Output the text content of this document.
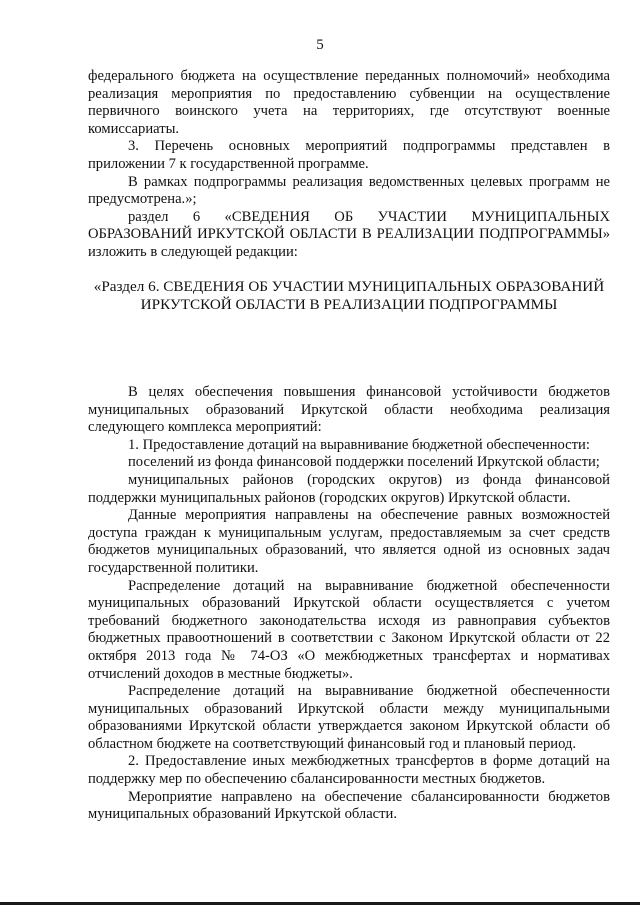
5

федерального бюджета на осуществление переданных полномочий» необходима реализация мероприятия по предоставлению субвенции на осуществление первичного воинского учета на территориях, где отсутствуют военные комиссариаты.

3. Перечень основных мероприятий подпрограммы представлен в приложении 7 к государственной программе.

В рамках подпрограммы реализация ведомственных целевых программ не предусмотрена.»;

раздел 6 «СВЕДЕНИЯ ОБ УЧАСТИИ МУНИЦИПАЛЬНЫХ ОБРАЗОВАНИЙ ИРКУТСКОЙ ОБЛАСТИ В РЕАЛИЗАЦИИ ПОДПРОГРАММЫ» изложить в следующей редакции:

«Раздел 6. СВЕДЕНИЯ ОБ УЧАСТИИ МУНИЦИПАЛЬНЫХ ОБРАЗОВАНИЙ ИРКУТСКОЙ ОБЛАСТИ В РЕАЛИЗАЦИИ ПОДПРОГРАММЫ

В целях обеспечения повышения финансовой устойчивости бюджетов муниципальных образований Иркутской области необходима реализация следующего комплекса мероприятий:

1. Предоставление дотаций на выравнивание бюджетной обеспеченности:

поселений из фонда финансовой поддержки поселений Иркутской области;

муниципальных районов (городских округов) из фонда финансовой поддержки муниципальных районов (городских округов) Иркутской области.

Данные мероприятия направлены на обеспечение равных возможностей доступа граждан к муниципальным услугам, предоставляемым за счет средств бюджетов муниципальных образований, что является одной из основных задач государственной политики.

Распределение дотаций на выравнивание бюджетной обеспеченности муниципальных образований Иркутской области осуществляется с учетом требований бюджетного законодательства исходя из равноправия субъектов бюджетных правоотношений в соответствии с Законом Иркутской области от 22 октября 2013 года № 74-ОЗ «О межбюджетных трансфертах и нормативах отчислений доходов в местные бюджеты».

Распределение дотаций на выравнивание бюджетной обеспеченности муниципальных образований Иркутской области между муниципальными образованиями Иркутской области утверждается законом Иркутской области об областном бюджете на соответствующий финансовый год и плановый период.

2. Предоставление иных межбюджетных трансфертов в форме дотаций на поддержку мер по обеспечению сбалансированности местных бюджетов.

Мероприятие направлено на обеспечение сбалансированности бюджетов муниципальных образований Иркутской области.
